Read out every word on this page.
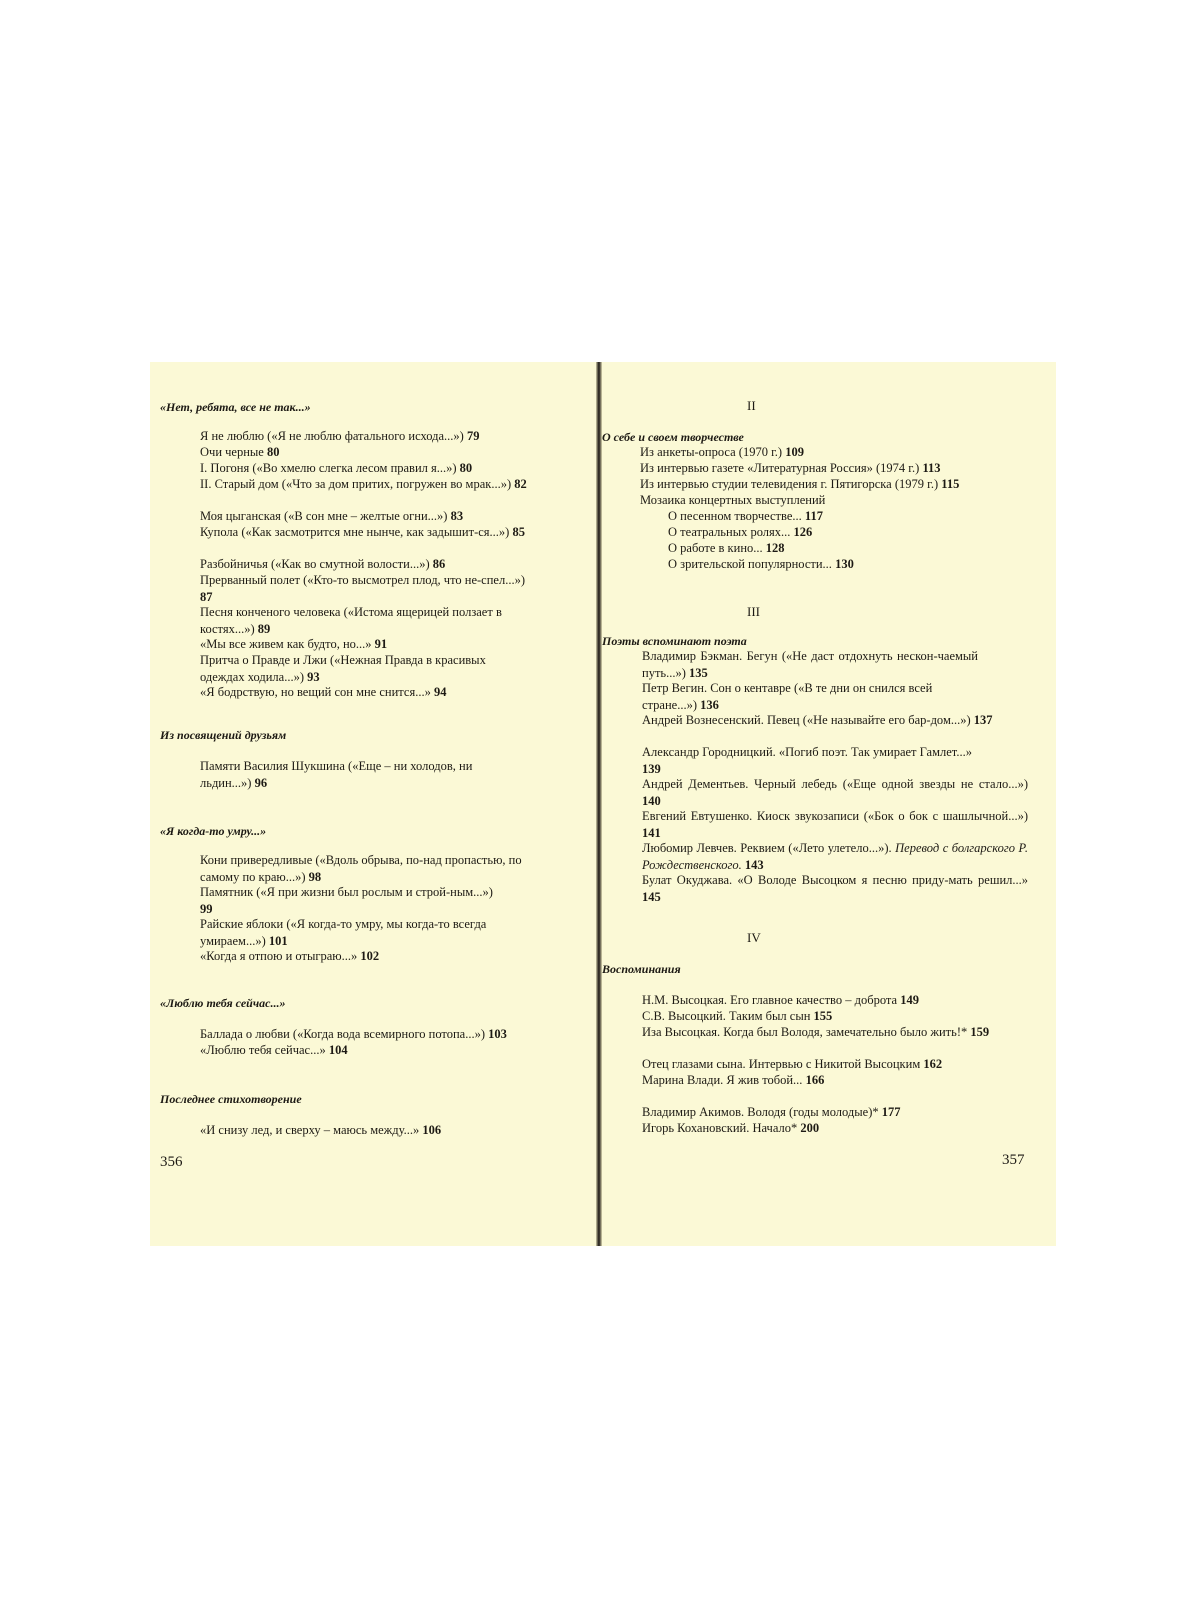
«Нет, ребята, все не так...»
Я не люблю («Я не люблю фатального исхода...») 79
Очи черные 80
I. Погоня («Во хмелю слегка лесом правил я...») 80
II. Старый дом («Что за дом притих, погружен во мрак...») 82
Моя цыганская («В сон мне – желтые огни...») 83
Купола («Как засмотрится мне нынче, как задышит-ся...») 85
Разбойничья («Как во смутной волости...») 86
Прерванный полет («Кто-то высмотрел плод, что не-спел...») 87
Песня конченого человека («Истома ящерицей ползает в костях...») 89
«Мы все живем как будто, но...» 91
Притча о Правде и Лжи («Нежная Правда в красивых одеждах ходила...») 93
«Я бодрствую, но вещий сон мне снится...» 94
Из посвящений друзьям
Памяти Василия Шукшина («Еще – ни холодов, ни льдин...») 96
«Я когда-то умру...»
Кони привередливые («Вдоль обрыва, по-над пропастью, по самому по краю...») 98
Памятник («Я при жизни был рослым и строй-ным...») 99
Райские яблоки («Я когда-то умру, мы когда-то всегда умираем...») 101
«Когда я отпою и отыграю...» 102
«Люблю тебя сейчас...»
Баллада о любви («Когда вода всемирного потопа...») 103
«Люблю тебя сейчас...» 104
Последнее стихотворение
«И снизу лед, и сверху – маюсь между...» 106
356
II
О себе и своем творчестве
Из анкеты-опроса (1970 г.) 109
Из интервью газете «Литературная Россия» (1974 г.) 113
Из интервью студии телевидения г. Пятигорска (1979 г.) 115
Мозаика концертных выступлений
О песенном творчестве... 117
О театральных ролях... 126
О работе в кино... 128
О зрительской популярности... 130
III
Поэты вспоминают поэта
Владимир Бэкман. Бегун («Не даст отдохнуть нескон-чаемый путь...») 135
Петр Вегин. Сон о кентавре («В те дни он снился всей стране...») 136
Андрей Вознесенский. Певец («Не называйте его бар-дом...») 137
Александр Городницкий. «Погиб поэт. Так умирает Гамлет...» 139
Андрей Дементьев. Черный лебедь («Еще одной звезды не стало...») 140
Евгений Евтушенко. Киоск звукозаписи («Бок о бок с шашлычной...») 141
Любомир Левчев. Реквием («Лето улетело...»). Перевод с болгарского Р. Рождественского. 143
Булат Окуджава. «О Володе Высоцком я песню приду-мать решил...» 145
IV
Воспоминания
Н.М. Высоцкая. Его главное качество – доброта 149
С.В. Высоцкий. Таким был сын 155
Иза Высоцкая. Когда был Володя, замечательно было жить!* 159
Отец глазами сына. Интервью с Никитой Высоцким 162
Марина Влади. Я жив тобой... 166
Владимир Акимов. Володя (годы молодые)* 177
Игорь Кохановский. Начало* 200
357
